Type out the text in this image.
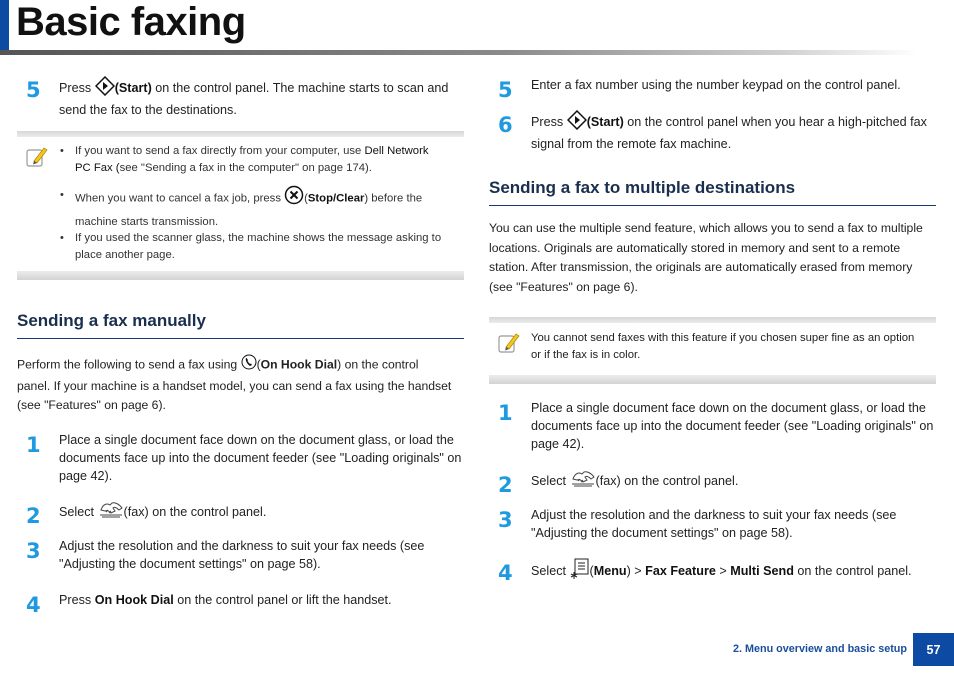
Basic faxing
5 Press (Start) on the control panel. The machine starts to scan and
send the fax to the destinations.
• If you want to send a fax directly from your computer, use Dell Network
PC Fax (see "Sending a fax in the computer" on page 174).
• When you want to cancel a fax job, press (Stop/Clear) before the
machine starts transmission.
• If you used the scanner glass, the machine shows the message asking to
place another page.
Sending a fax manually
Perform the following to send a fax using (On Hook Dial) on the control
panel. If your machine is a handset model, you can send a fax using the handset
(see "Features" on page 6).
1 Place a single document face down on the document glass, or load the
documents face up into the document feeder (see "Loading originals" on
page 42).
2 Select (fax) on the control panel.
3 Adjust the resolution and the darkness to suit your fax needs (see
"Adjusting the document settings" on page 58).
4 Press On Hook Dial on the control panel or lift the handset.
5 Enter a fax number using the number keypad on the control panel.
6 Press (Start) on the control panel when you hear a high-pitched fax
signal from the remote fax machine.
Sending a fax to multiple destinations
You can use the multiple send feature, which allows you to send a fax to multiple
locations. Originals are automatically stored in memory and sent to a remote
station. After transmission, the originals are automatically erased from memory
(see "Features" on page 6).
You cannot send faxes with this feature if you chosen super fine as an option
or if the fax is in color.
1 Place a single document face down on the document glass, or load the
documents face up into the document feeder (see "Loading originals" on
page 42).
2 Select (fax) on the control panel.
3 Adjust the resolution and the darkness to suit your fax needs (see
"Adjusting the document settings" on page 58).
4 Select (Menu) > Fax Feature > Multi Send on the control panel.
2. Menu overview and basic setup	57
